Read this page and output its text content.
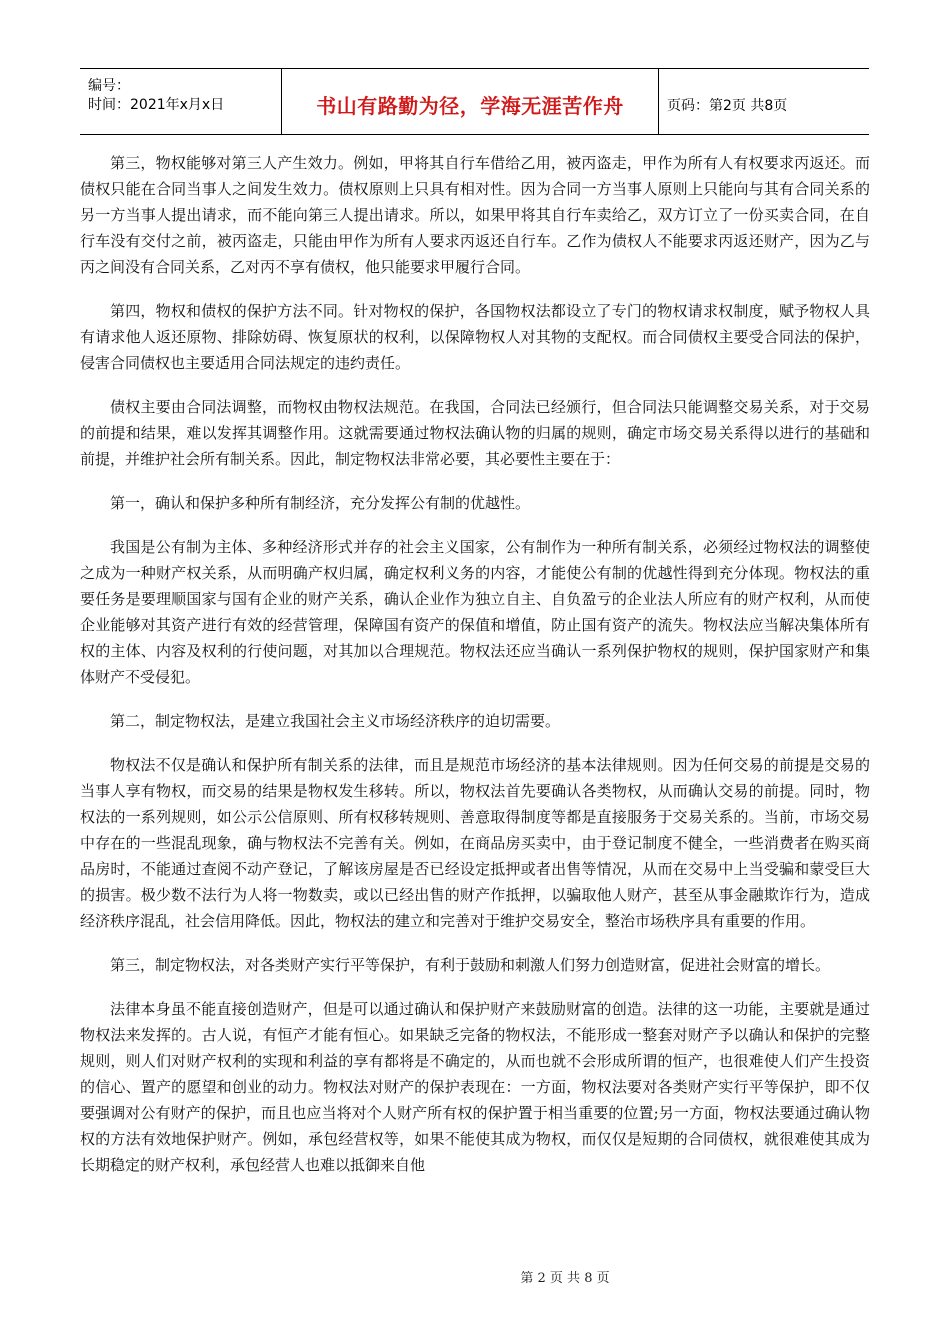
编号：
时间：2021年x月x日	书山有路勤为径，学海无涯苦作舟	页码：第2页 共8页

第三，物权能够对第三人产生效力。例如，甲将其自行车借给乙用，被丙盗走，甲作为所有人有权要求丙返还。而债权只能在合同当事人之间发生效力。债权原则上只具有相对性。因为合同一方当事人原则上只能向与其有合同关系的另一方当事人提出请求，而不能向第三人提出请求。所以，如果甲将其自行车卖给乙，双方订立了一份买卖合同，在自行车没有交付之前，被丙盗走，只能由甲作为所有人要求丙返还自行车。乙作为债权人不能要求丙返还财产，因为乙与丙之间没有合同关系，乙对丙不享有债权，他只能要求甲履行合同。

第四，物权和债权的保护方法不同。针对物权的保护，各国物权法都设立了专门的物权请求权制度，赋予物权人具有请求他人返还原物、排除妨碍、恢复原状的权利，以保障物权人对其物的支配权。而合同债权主要受合同法的保护，侵害合同债权也主要适用合同法规定的违约责任。

债权主要由合同法调整，而物权由物权法规范。在我国，合同法已经颁行，但合同法只能调整交易关系，对于交易的前提和结果，难以发挥其调整作用。这就需要通过物权法确认物的归属的规则，确定市场交易关系得以进行的基础和前提，并维护社会所有制关系。因此，制定物权法非常必要，其必要性主要在于：

第一，确认和保护多种所有制经济，充分发挥公有制的优越性。

我国是公有制为主体、多种经济形式并存的社会主义国家，公有制作为一种所有制关系，必须经过物权法的调整使之成为一种财产权关系，从而明确产权归属，确定权利义务的内容，才能使公有制的优越性得到充分体现。物权法的重要任务是要理顺国家与国有企业的财产关系，确认企业作为独立自主、自负盈亏的企业法人所应有的财产权利，从而使企业能够对其资产进行有效的经营管理，保障国有资产的保值和增值，防止国有资产的流失。物权法应当解决集体所有权的主体、内容及权利的行使问题，对其加以合理规范。物权法还应当确认一系列保护物权的规则，保护国家财产和集体财产不受侵犯。

第二，制定物权法，是建立我国社会主义市场经济秩序的迫切需要。

物权法不仅是确认和保护所有制关系的法律，而且是规范市场经济的基本法律规则。因为任何交易的前提是交易的当事人享有物权，而交易的结果是物权发生移转。所以，物权法首先要确认各类物权，从而确认交易的前提。同时，物权法的一系列规则，如公示公信原则、所有权移转规则、善意取得制度等都是直接服务于交易关系的。当前，市场交易中存在的一些混乱现象，确与物权法不完善有关。例如，在商品房买卖中，由于登记制度不健全，一些消费者在购买商品房时，不能通过查阅不动产登记，了解该房屋是否已经设定抵押或者出售等情况，从而在交易中上当受骗和蒙受巨大的损害。极少数不法行为人将一物数卖，或以已经出售的财产作抵押，以骗取他人财产，甚至从事金融欺诈行为，造成经济秩序混乱，社会信用降低。因此，物权法的建立和完善对于维护交易安全，整治市场秩序具有重要的作用。

第三，制定物权法，对各类财产实行平等保护，有利于鼓励和刺激人们努力创造财富，促进社会财富的增长。

法律本身虽不能直接创造财产，但是可以通过确认和保护财产来鼓励财富的创造。法律的这一功能，主要就是通过物权法来发挥的。古人说，有恒产才能有恒心。如果缺乏完备的物权法，不能形成一整套对财产予以确认和保护的完整规则，则人们对财产权利的实现和利益的享有都将是不确定的，从而也就不会形成所谓的恒产，也很难使人们产生投资的信心、置产的愿望和创业的动力。物权法对财产的保护表现在：一方面，物权法要对各类财产实行平等保护，即不仅要强调对公有财产的保护，而且也应当将对个人财产所有权的保护置于相当重要的位置;另一方面，物权法要通过确认物权的方法有效地保护财产。例如，承包经营权等，如果不能使其成为物权，而仅仅是短期的合同债权，就很难使其成为长期稳定的财产权利，承包经营人也难以抵御来自他

第 2 页 共 8 页
